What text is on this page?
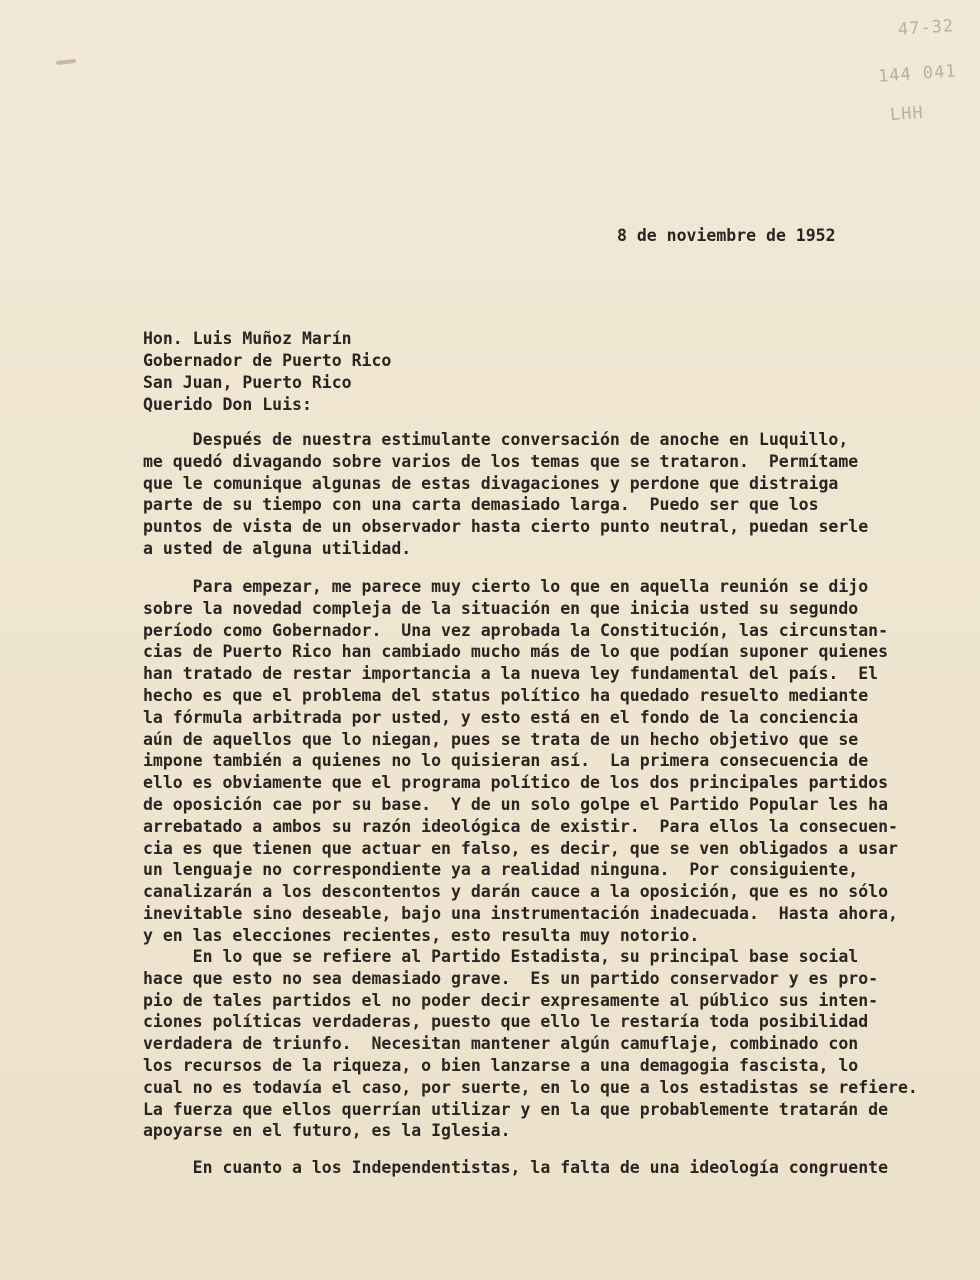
47-32
144 041
LHH
8 de noviembre de 1952
Hon. Luis Muñoz Marín
Gobernador de Puerto Rico
San Juan, Puerto Rico
Querido Don Luis:
Después de nuestra estimulante conversación de anoche en Luquillo,
me quedó divagando sobre varios de los temas que se trataron.  Permítame
que le comunique algunas de estas divagaciones y perdone que distraiga
parte de su tiempo con una carta demasiado larga.  Puedo ser que los
puntos de vista de un observador hasta cierto punto neutral, puedan serle
a usted de alguna utilidad.
Para empezar, me parece muy cierto lo que en aquella reunión se dijo
sobre la novedad compleja de la situación en que inicia usted su segundo
período como Gobernador.  Una vez aprobada la Constitución, las circunstan-
cias de Puerto Rico han cambiado mucho más de lo que podían suponer quienes
han tratado de restar importancia a la nueva ley fundamental del país.  El
hecho es que el problema del status político ha quedado resuelto mediante
la fórmula arbitrada por usted, y esto está en el fondo de la conciencia
aún de aquellos que lo niegan, pues se trata de un hecho objetivo que se
impone también a quienes no lo quisieran así.  La primera consecuencia de
ello es obviamente que el programa político de los dos principales partidos
de oposición cae por su base.  Y de un solo golpe el Partido Popular les ha
arrebatado a ambos su razón ideológica de existir.  Para ellos la consecuen-
cia es que tienen que actuar en falso, es decir, que se ven obligados a usar
un lenguaje no correspondiente ya a realidad ninguna.  Por consiguiente,
canalizarán a los descontentos y darán cauce a la oposición, que es no sólo
inevitable sino deseable, bajo una instrumentación inadecuada.  Hasta ahora,
y en las elecciones recientes, esto resulta muy notorio.
En lo que se refiere al Partido Estadista, su principal base social
hace que esto no sea demasiado grave.  Es un partido conservador y es pro-
pio de tales partidos el no poder decir expresamente al público sus inten-
ciones políticas verdaderas, puesto que ello le restaría toda posibilidad
verdadera de triunfo.  Necesitan mantener algún camuflaje, combinado con
los recursos de la riqueza, o bien lanzarse a una demagogia fascista, lo
cual no es todavía el caso, por suerte, en lo que a los estadistas se refiere.
La fuerza que ellos querrían utilizar y en la que probablemente tratarán de
apoyarse en el futuro, es la Iglesia.
En cuanto a los Independentistas, la falta de una ideología congruente
